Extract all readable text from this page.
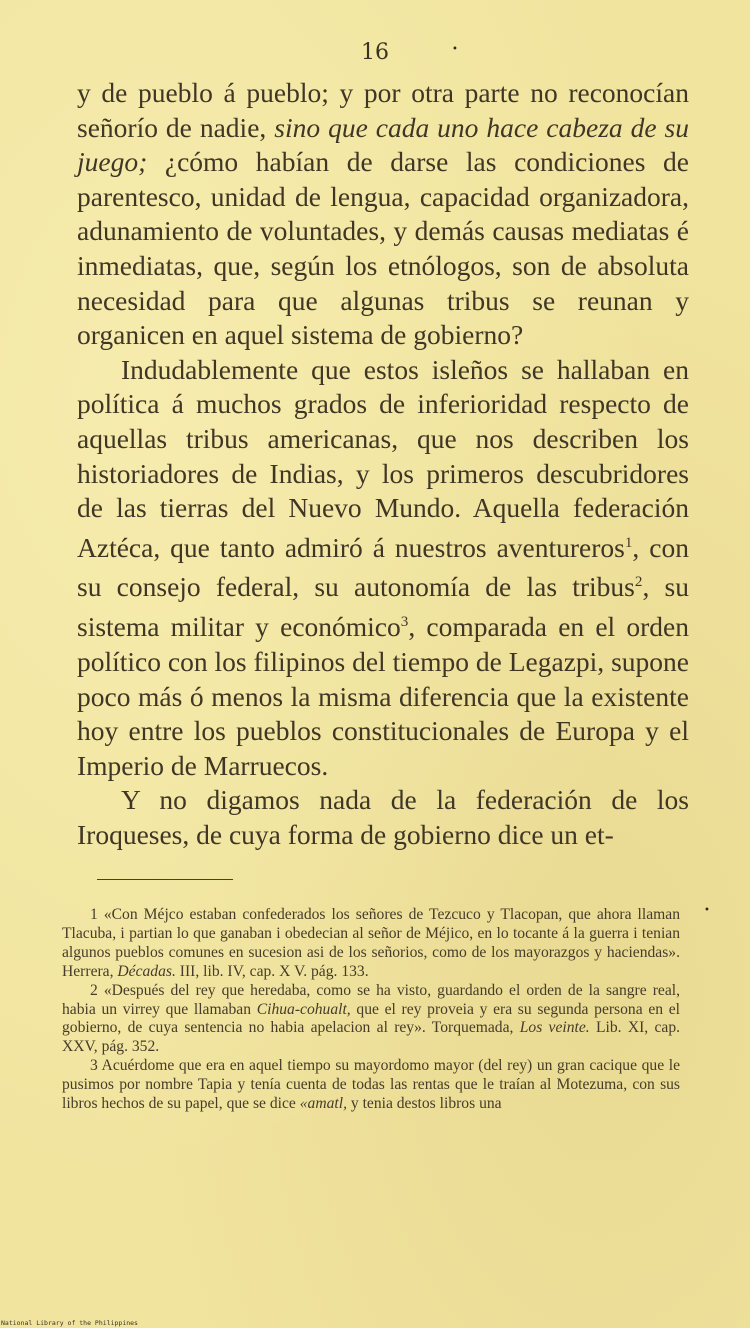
16

y de pueblo á pueblo; y por otra parte no reconocían señorío de nadie, sino que cada uno hace cabeza de su juego; ¿cómo habían de darse las condiciones de parentesco, unidad de lengua, capacidad organizadora, adunamiento de voluntades, y demás causas mediatas é inmediatas, que, según los etnólogos, son de absoluta necesidad para que algunas tribus se reunan y organicen en aquel sistema de gobierno?

Indudablemente que estos isleños se hallaban en política á muchos grados de inferioridad respecto de aquellas tribus americanas, que nos describen los historiadores de Indias, y los primeros descubridores de las tierras del Nuevo Mundo. Aquella federación Aztéca, que tanto admiró á nuestros aventureros$^1$, con su consejo federal, su autonomía de las tribus$^2$, su sistema militar y económico$^3$, comparada en el orden político con los filipinos del tiempo de Legazpi, supone poco más ó menos la misma diferencia que la existente hoy entre los pueblos constitucionales de Europa y el Imperio de Marruecos.

Y no digamos nada de la federación de los Iroqueses, de cuya forma de gobierno dice un et-

1 «Con Méjco estaban confederados los señores de Tezcuco y Tlacopan, que ahora llaman Tlacuba, i partian lo que ganaban i obedecian al señor de Méjico, en lo tocante á la guerra i tenian algunos pueblos comunes en sucesion asi de los señorios, como de los mayorazgos y haciendas». Herrera, Décadas. III, lib. IV, cap. X V. pág. 133.

2 «Después del rey que heredaba, como se ha visto, guardando el orden de la sangre real, habia un virrey que llamaban Cihua-cohualt, que el rey proveia y era su segunda persona en el gobierno, de cuya sentencia no habia apelacion al rey». Torquemada, Los veinte. Lib. XI, cap. XXV, pág. 352.

3 Acuérdome que era en aquel tiempo su mayordomo mayor (del rey) un gran cacique que le pusimos por nombre Tapia y tenía cuenta de todas las rentas que le traían al Motezuma, con sus libros hechos de su papel, que se dice «amatl, y tenia destos libros una

•
•
National Library of the Philippines
